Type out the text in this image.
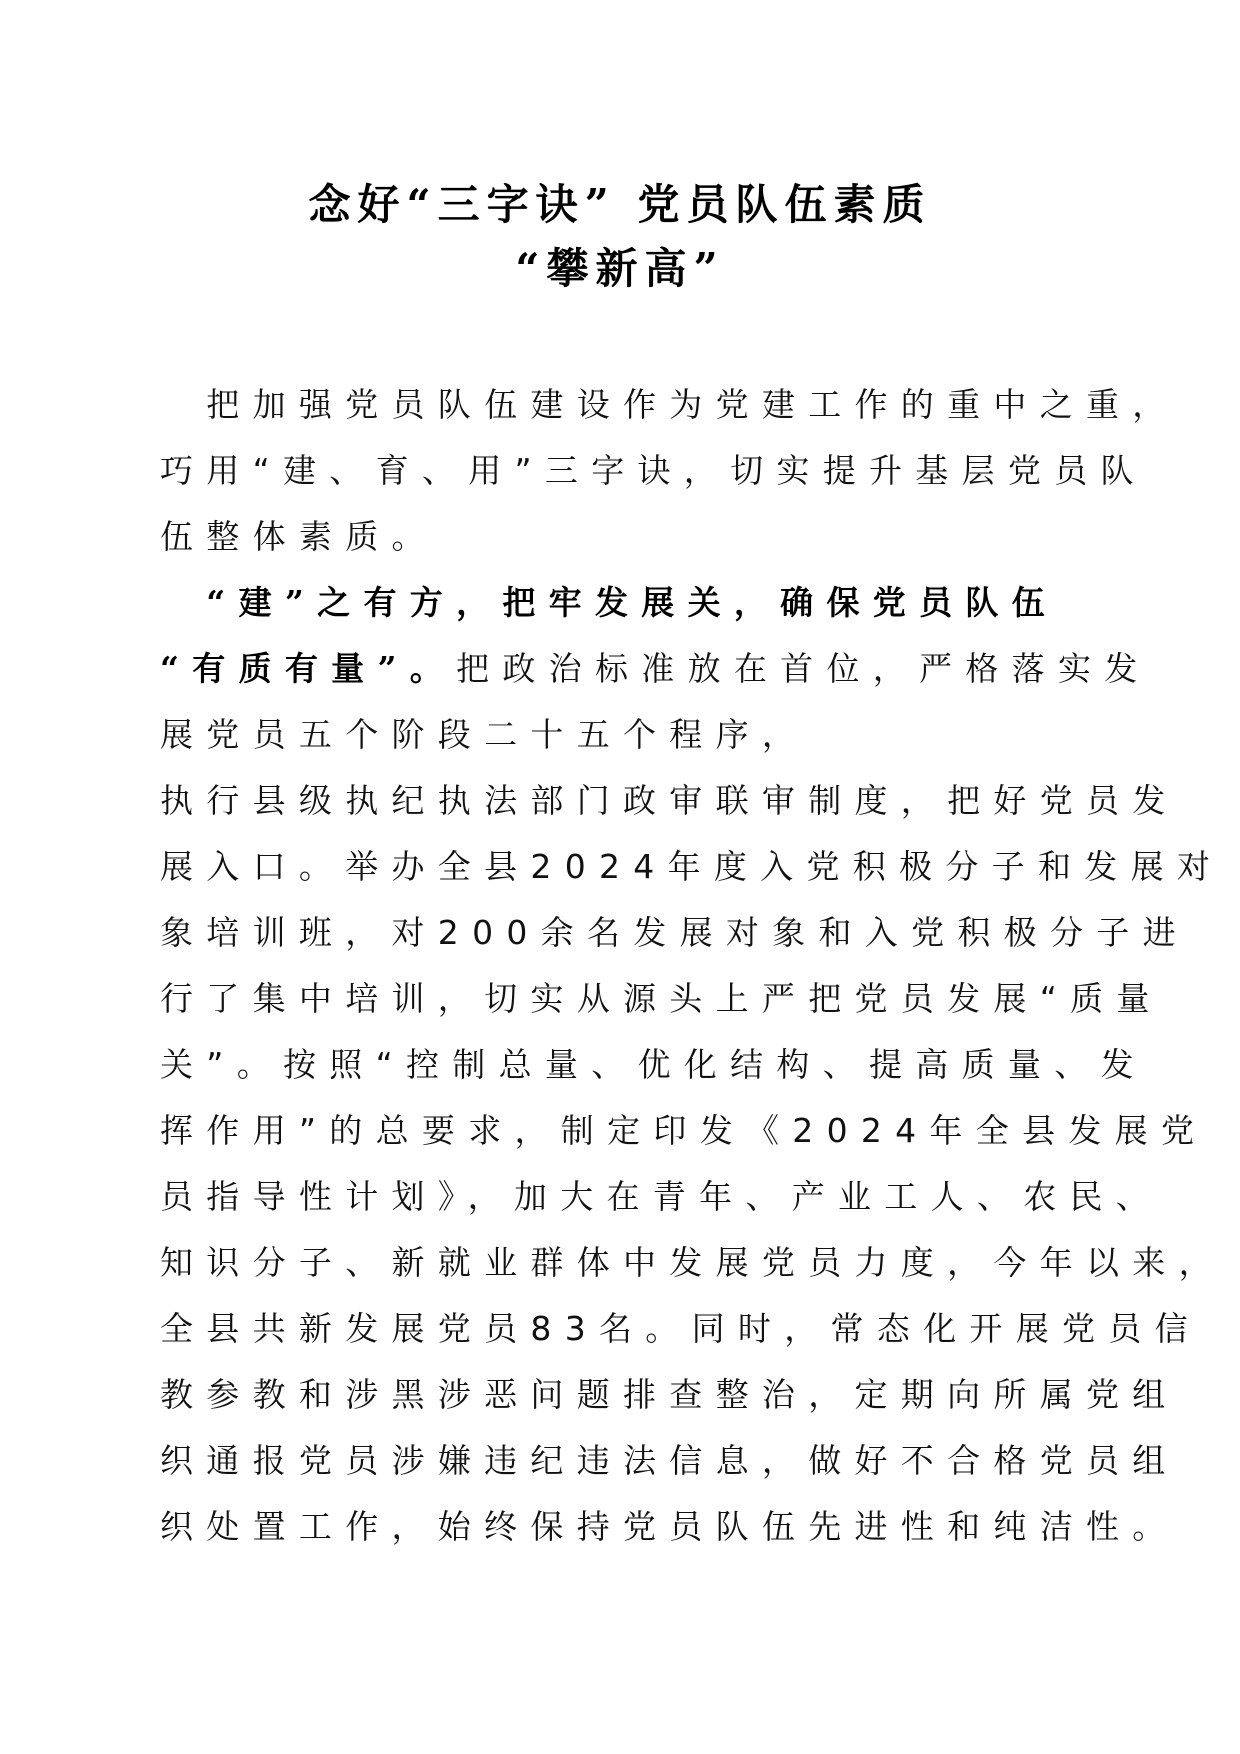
念好“三字诀” 党员队伍素质
“攀新高”
　把加强党员队伍建设作为党建工作的重中之重，
巧用“建、育、用”三字诀，切实提升基层党员队
伍整体素质。
　“建”之有方，把牢发展关，确保党员队伍
“有质有量”。把政治标准放在首位，严格落实发
展党员五个阶段二十五个程序，
执行县级执纪执法部门政审联审制度，把好党员发
展入口。举办全县2024年度入党积极分子和发展对
象培训班，对200余名发展对象和入党积极分子进
行了集中培训，切实从源头上严把党员发展“质量
关”。按照“控制总量、优化结构、提高质量、发
挥作用”的总要求，制定印发《2024年全县发展党
员指导性计划》，加大在青年、产业工人、农民、
知识分子、新就业群体中发展党员力度，今年以来，
全县共新发展党员83名。同时，常态化开展党员信
教参教和涉黑涉恶问题排查整治，定期向所属党组
织通报党员涉嫌违纪违法信息，做好不合格党员组
织处置工作，始终保持党员队伍先进性和纯洁性。
